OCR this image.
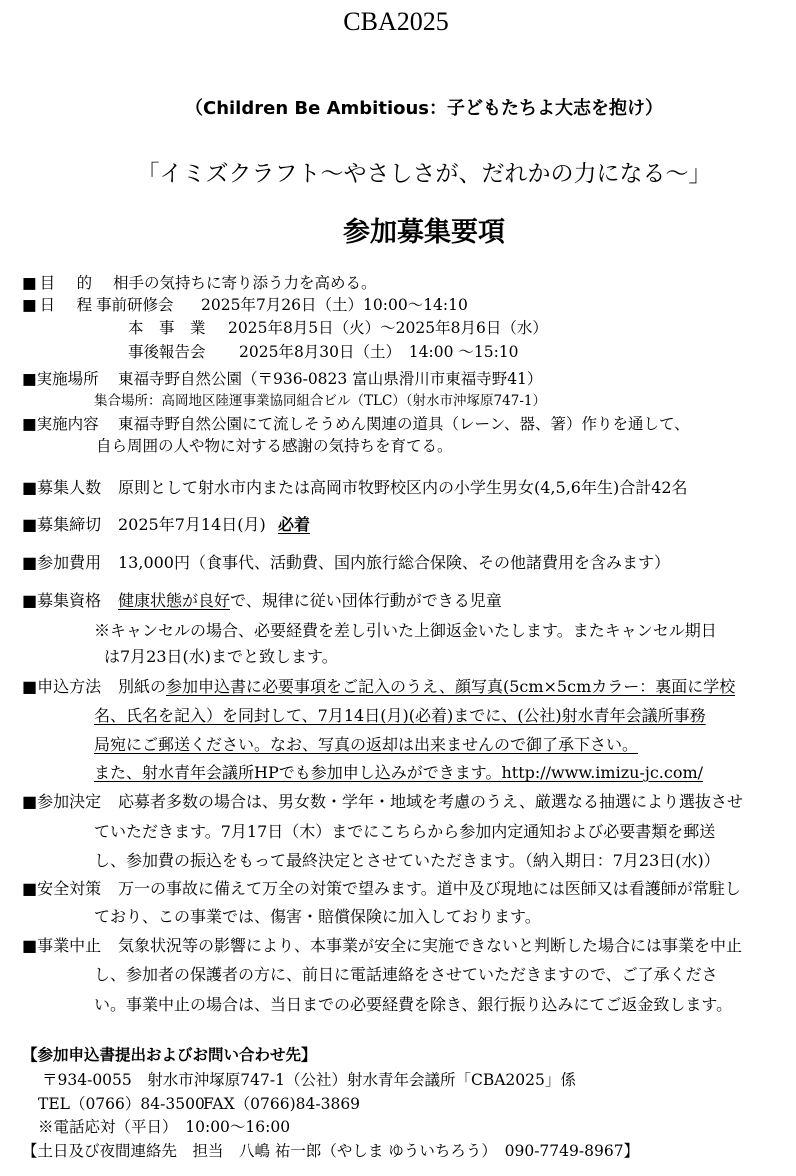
CBA2025
（Children Be Ambitious：子どもたちよ大志を抱け）
「イミズクラフト～やさしさが、だれかの力になる～」
参加募集要項
■目　的 相手の気持ちに寄り添う力を高める。
■日　程 事前研修会 2025年7月26日（土）10:00～14:10
本　事　業 2025年8月5日（火）～2025年8月6日（水）
事後報告会 2025年8月30日（土）　14:00 ～15:10
■実施場所 東福寺野自然公園（〒936-0823 富山県滑川市東福寺野41）
集合場所：高岡地区陸運事業協同組合ビル（TLC）（射水市沖塚原747-1）
■実施内容 東福寺野自然公園にて流しそうめん関連の道具（レーン、器、箸）作りを通して、
自ら周囲の人や物に対する感謝の気持ちを育てる。
■募集人数 原則として射水市内または高岡市牧野校区内の小学生男女(4,5,6年生)合計42名
■募集締切 2025年7月14日(月) 必着
■参加費用 13,000円（食事代、活動費、国内旅行総合保険、その他諸費用を含みます）
■募集資格 健康状態が良好で、規律に従い団体行動ができる児童
※キャンセルの場合、必要経費を差し引いた上御返金いたします。またキャンセル期日
は7月23日(水)までと致します。
■申込方法 別紙の参加申込書に必要事項をご記入のうえ、顔写真(5cm×5cmカラー：裏面に学校
名、氏名を記入）を同封して、7月14日(月)(必着)までに、(公社)射水青年会議所事務
局宛にご郵送ください。なお、写真の返却は出来ませんので御了承下さい。
また、射水青年会議所HPでも参加申し込みができます。http://www.imizu-jc.com/
■参加決定 応募者多数の場合は、男女数・学年・地域を考慮のうえ、厳選なる抽選により選抜させ
ていただきます。7月17日（木）までにこちらから参加内定通知および必要書類を郵送
し、参加費の振込をもって最終決定とさせていただきます。（納入期日：7月23日(水)）
■安全対策 万一の事故に備えて万全の対策で望みます。道中及び現地には医師又は看護師が常駐し
ており、この事業では、傷害・賠償保険に加入しております。
■事業中止 気象状況等の影響により、本事業が安全に実施できないと判断した場合には事業を中止
し、参加者の保護者の方に、前日に電話連絡をさせていただきますので、ご了承くださ
い。事業中止の場合は、当日までの必要経費を除き、銀行振り込みにてご返金致します。
【参加申込書提出およびお問い合わせ先】
〒934-0055　射水市沖塚原747-1（公社）射水青年会議所「CBA2025」係
TEL（0766）84-3500
FAX（0766)84-3869
※電話応対（平日）　10:00～16:00
【土日及び夜間連絡先　担当　八嶋 祐一郎（やしま ゆういちろう）　090-7749-8967】
